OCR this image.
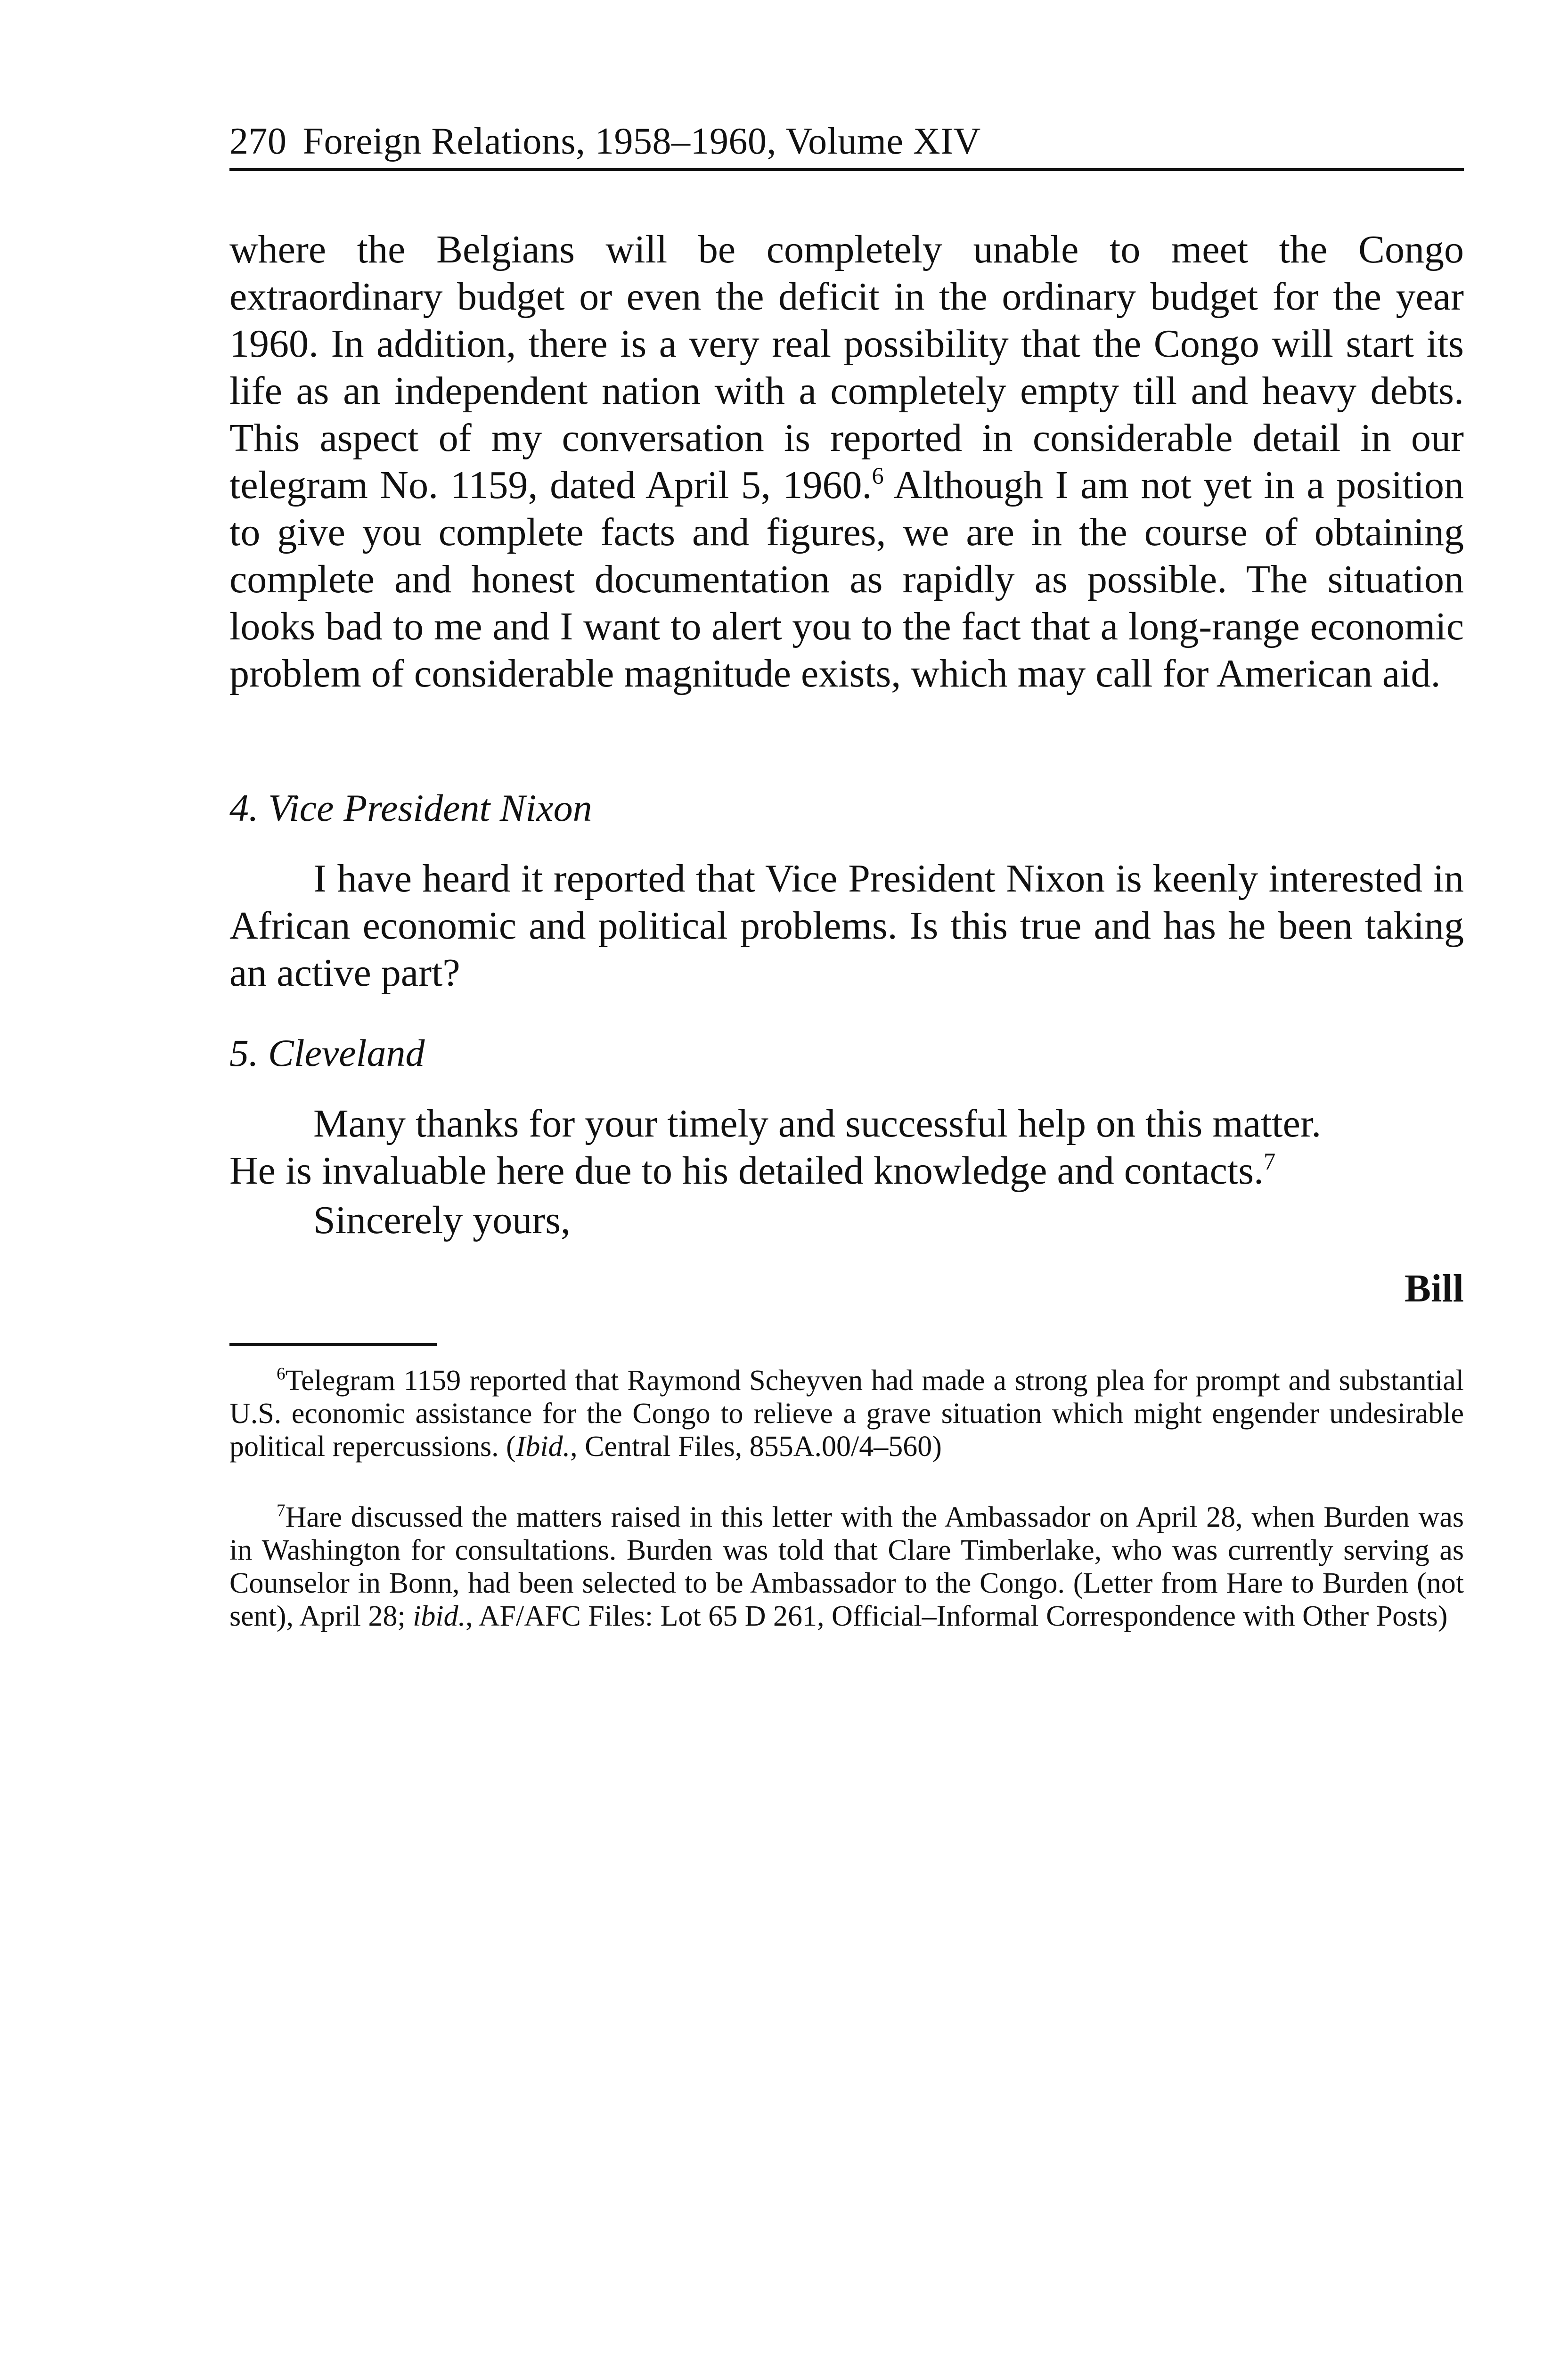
270 Foreign Relations, 1958–1960, Volume XIV
where the Belgians will be completely unable to meet the Congo extraordinary budget or even the deficit in the ordinary budget for the year 1960. In addition, there is a very real possibility that the Congo will start its life as an independent nation with a completely empty till and heavy debts. This aspect of my conversation is reported in considerable detail in our telegram No. 1159, dated April 5, 1960.$^6$ Although I am not yet in a position to give you complete facts and figures, we are in the course of obtaining complete and honest documentation as rapidly as possible. The situation looks bad to me and I want to alert you to the fact that a long-range economic problem of considerable magnitude exists, which may call for American aid.
4. Vice President Nixon
I have heard it reported that Vice President Nixon is keenly interested in African economic and political problems. Is this true and has he been taking an active part?
5. Cleveland
Many thanks for your timely and successful help on this matter.
He is invaluable here due to his detailed knowledge and contacts.$^7$
Sincerely yours,
Bill
$^6$Telegram 1159 reported that Raymond Scheyven had made a strong plea for prompt and substantial U.S. economic assistance for the Congo to relieve a grave situation which might engender undesirable political repercussions. (Ibid., Central Files, 855A.00/4–560)
$^7$Hare discussed the matters raised in this letter with the Ambassador on April 28, when Burden was in Washington for consultations. Burden was told that Clare Timberlake, who was currently serving as Counselor in Bonn, had been selected to be Ambassador to the Congo. (Letter from Hare to Burden (not sent), April 28; ibid., AF/AFC Files: Lot 65 D 261, Official–Informal Correspondence with Other Posts)
